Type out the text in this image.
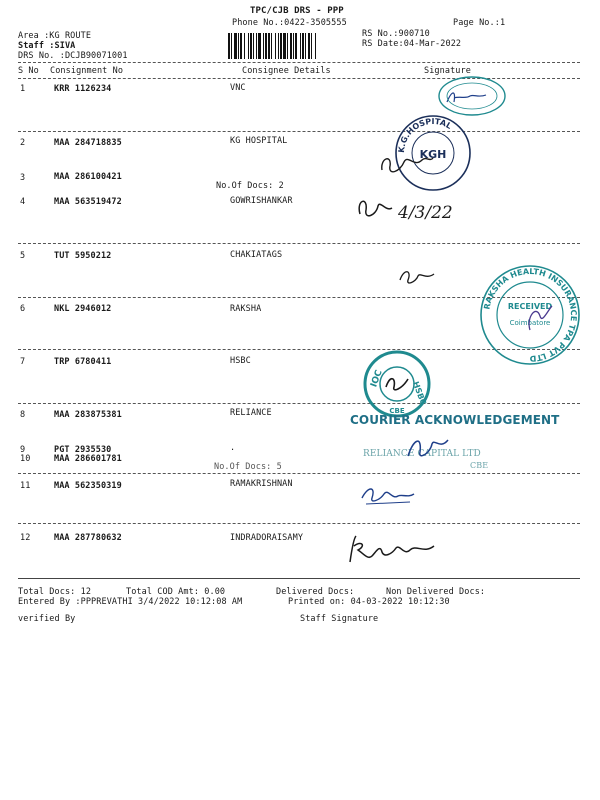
TPC/CJB DRS - PPP
Phone No.:0422-3505555	Page No.:1
Area :KG ROUTE
Staff :SIVA
DRS No. :DCJB90071001
RS No.:900710
RS Date:04-Mar-2022
S No Consignment No	Consignee Details	Signature
1	KRR 1126234	VNC
2	MAA 284718835	KG HOSPITAL
3	MAA 286100421
No.Of Docs: 2
4	MAA 563519472	GOWRISHANKAR
5	TUT 5950212	CHAKIATAGS
6	NKL 2946012	RAKSHA
7	TRP 6780411	HSBC
8	MAA 283875381	RELIANCE
9	PGT 2935530	.
10	MAA 286601781
No.Of Docs: 5
11	MAA 562350319	RAMAKRISHNAN
12	MAA 287780632	INDRADORAISAMY
Total Docs: 12	Total COD Amt: 0.00	Delivered Docs:	Non Delivered Docs:
Entered By :PPPREVATHI 3/4/2022 10:12:08 AM	Printed on: 04-03-2022 10:12:30
verified By	Staff Signature
K.G.HOSPITAL
KGH
4/3/22
RAKSHA HEALTH INSURANCE TPA PVT LTD
RECEIVED
Coimbatore
IOC
HSBC
CBE
COURIER ACKNOWLEDGEMENT
RELIANCE CAPITAL LTD
CBE
